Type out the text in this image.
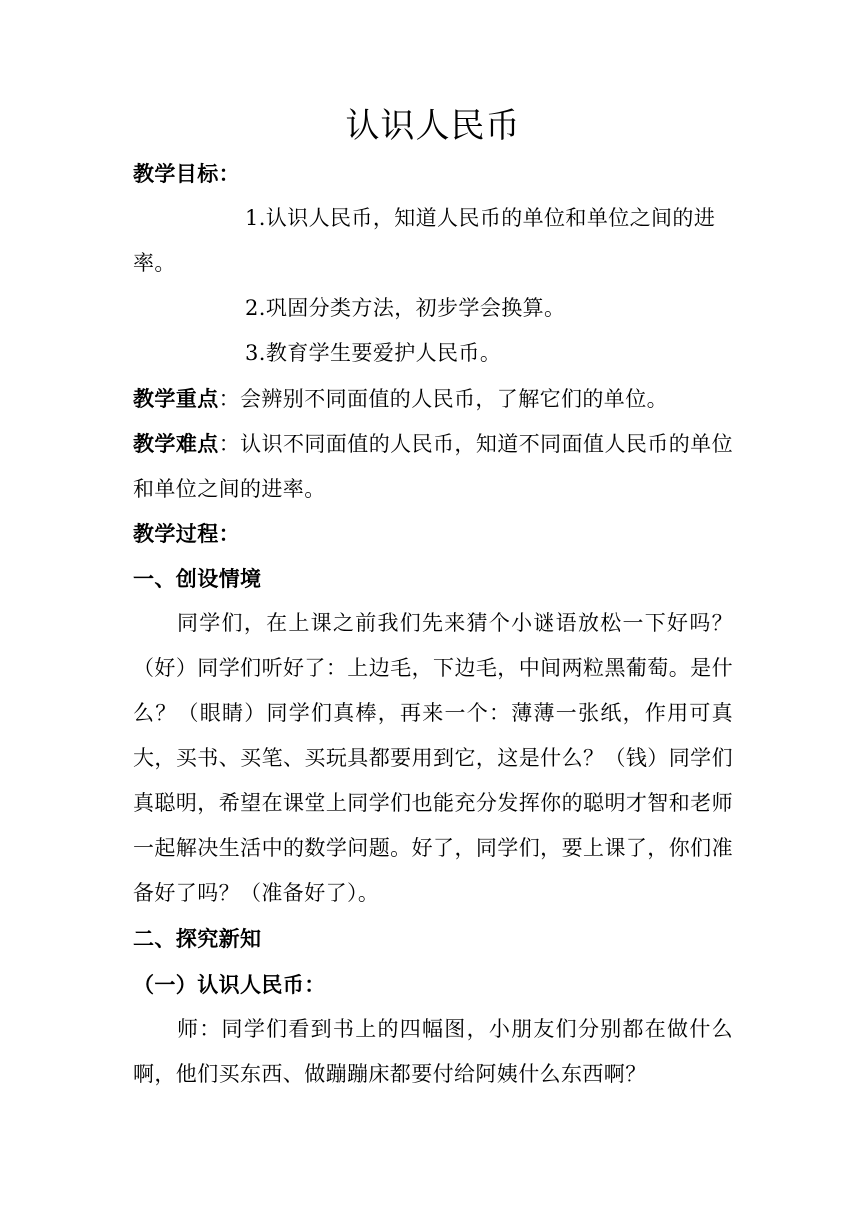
认识人民币
教学目标：
1.认识人民币，知道人民币的单位和单位之间的进率。
2.巩固分类方法，初步学会换算。
3.教育学生要爱护人民币。
教学重点：会辨别不同面值的人民币，了解它们的单位。
教学难点：认识不同面值的人民币，知道不同面值人民币的单位和单位之间的进率。
教学过程：
一、创设情境
同学们，在上课之前我们先来猜个小谜语放松一下好吗？（好）同学们听好了：上边毛，下边毛，中间两粒黑葡萄。是什么？（眼睛）同学们真棒，再来一个：薄薄一张纸，作用可真大，买书、买笔、买玩具都要用到它，这是什么？（钱）同学们真聪明，希望在课堂上同学们也能充分发挥你的聪明才智和老师一起解决生活中的数学问题。好了，同学们，要上课了，你们准备好了吗？（准备好了）。
二、探究新知
（一）认识人民币：
师：同学们看到书上的四幅图，小朋友们分别都在做什么啊，他们买东西、做蹦蹦床都要付给阿姨什么东西啊？
